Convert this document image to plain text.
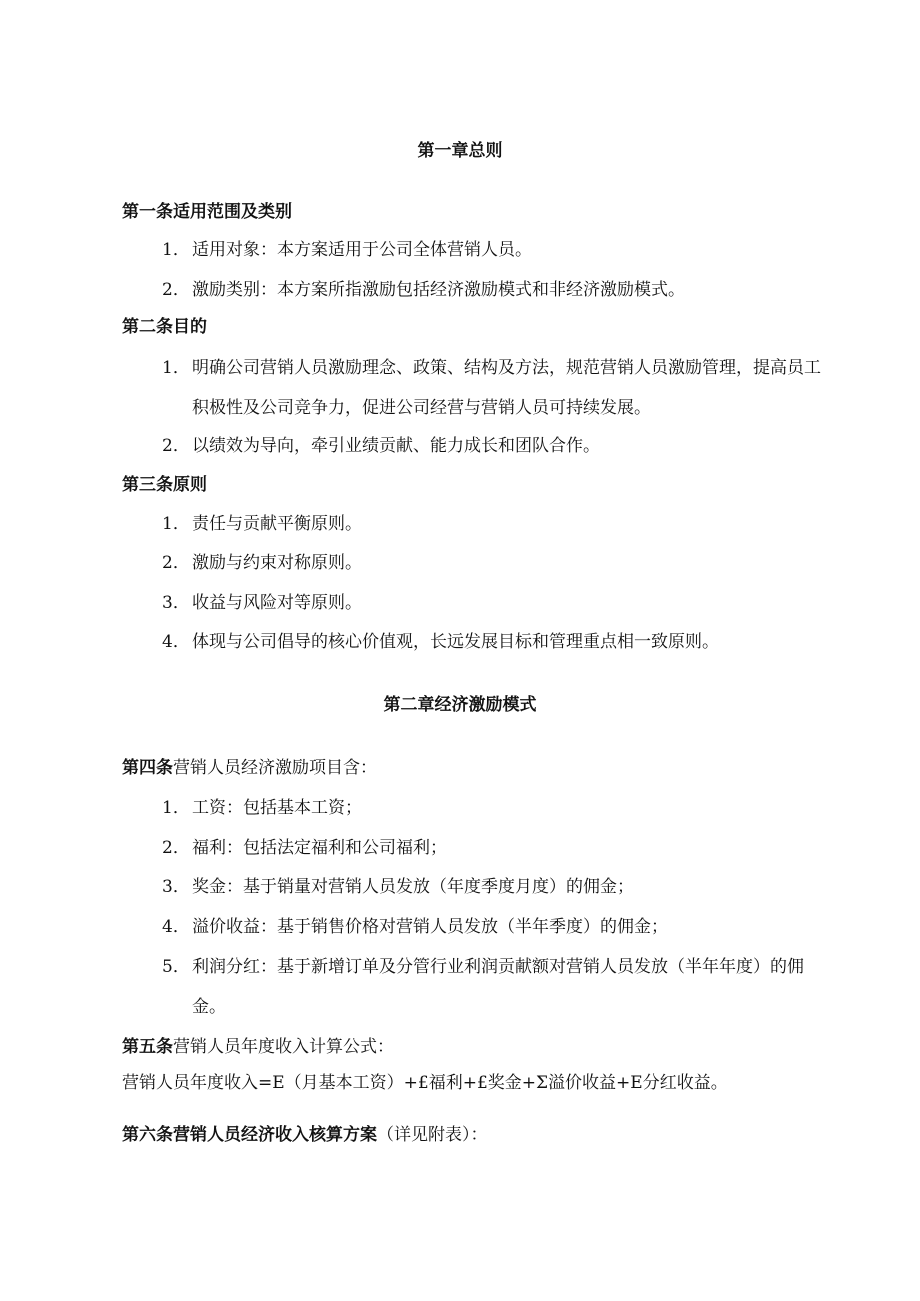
第一章总则
第一条适用范围及类别
1． 适用对象：本方案适用于公司全体营销人员。
2． 激励类别：本方案所指激励包括经济激励模式和非经济激励模式。
第二条目的
1． 明确公司营销人员激励理念、政策、结构及方法，规范营销人员激励管理，提高员工
积极性及公司竞争力，促进公司经营与营销人员可持续发展。
2． 以绩效为导向，牵引业绩贡献、能力成长和团队合作。
第三条原则
1． 责任与贡献平衡原则。
2． 激励与约束对称原则。
3． 收益与风险对等原则。
4． 体现与公司倡导的核心价值观，长远发展目标和管理重点相一致原则。
第二章经济激励模式
第四条营销人员经济激励项目含：
1． 工资：包括基本工资；
2． 福利：包括法定福利和公司福利；
3． 奖金：基于销量对营销人员发放（年度季度月度）的佣金；
4． 溢价收益：基于销售价格对营销人员发放（半年季度）的佣金；
5． 利润分红：基于新增订单及分管行业利润贡献额对营销人员发放（半年年度）的佣
金。
第五条营销人员年度收入计算公式：
营销人员年度收入=E（月基本工资）+£福利+£奖金+Σ溢价收益+E分红收益。
第六条营销人员经济收入核算方案（详见附表）：
